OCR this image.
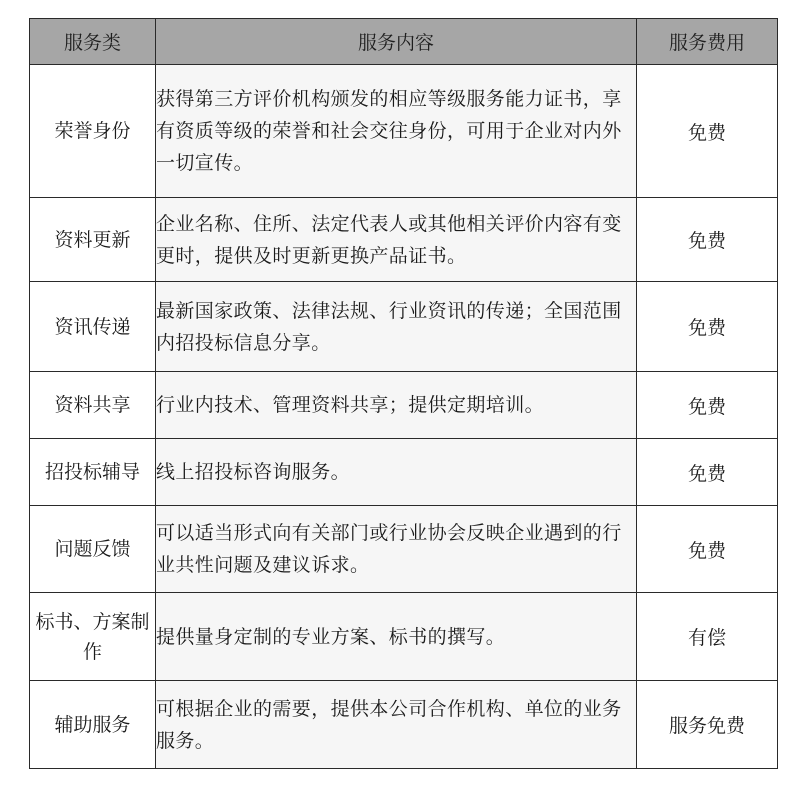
服务类	服务内容	服务费用
荣誉身份	获得第三方评价机构颁发的相应等级服务能力证书，享有资质等级的荣誉和社会交往身份，可用于企业对内外一切宣传。	免费
资料更新	企业名称、住所、法定代表人或其他相关评价内容有变更时，提供及时更新更换产品证书。	免费
资讯传递	最新国家政策、法律法规、行业资讯的传递；全国范围内招投标信息分享。	免费
资料共享	行业内技术、管理资料共享；提供定期培训。	免费
招投标辅导	线上招投标咨询服务。	免费
问题反馈	可以适当形式向有关部门或行业协会反映企业遇到的行业共性问题及建议诉求。	免费
标书、方案制作	提供量身定制的专业方案、标书的撰写。	有偿
辅助服务	可根据企业的需要，提供本公司合作机构、单位的业务服务。	服务免费
